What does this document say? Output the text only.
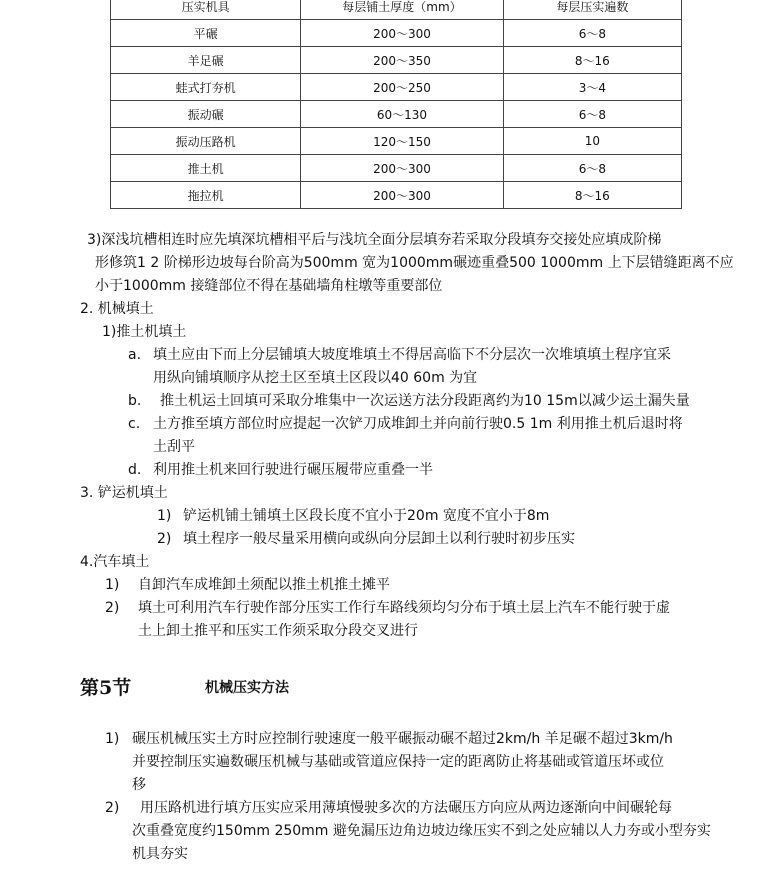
压实机具	每层铺土厚度（mm）	每层压实遍数
平碾	200～300	6～8
羊足碾	200～350	8～16
蛙式打夯机	200～250	3～4
振动碾	60～130	6～8
振动压路机	120～150	10
推土机	200～300	6～8
拖拉机	200～300	8～16
3)深浅坑槽相连时应先填深坑槽相平后与浅坑全面分层填夯若采取分段填夯交接处应填成阶梯
形修筑1 2 阶梯形边坡每台阶高为500mm 宽为1000mm碾迹重叠500 1000mm 上下层错缝距离不应
小于1000mm 接缝部位不得在基础墙角柱墩等重要部位
2. 机械填土
1)推土机填土
a. 填土应由下而上分层铺填大坡度堆填土不得居高临下不分层次一次堆填填土程序宜采
用纵向铺填顺序从挖土区至填土区段以40 60m 为宜
b. 推土机运土回填可采取分堆集中一次运送方法分段距离约为10 15m以减少运土漏失量
c. 土方推至填方部位时应提起一次铲刀成堆卸土并向前行驶0.5 1m 利用推土机后退时将
土刮平
d. 利用推土机来回行驶进行碾压履带应重叠一半
3. 铲运机填土
1) 铲运机铺土铺填土区段长度不宜小于20m 宽度不宜小于8m
2) 填土程序一般尽量采用横向或纵向分层卸土以利行驶时初步压实
4.汽车填土
1) 自卸汽车成堆卸土须配以推土机推土摊平
2) 填土可利用汽车行驶作部分压实工作行车路线须均匀分布于填土层上汽车不能行驶于虚
土上卸土推平和压实工作须采取分段交叉进行
第5节	机械压实方法
1) 碾压机械压实土方时应控制行驶速度一般平碾振动碾不超过2km/h 羊足碾不超过3km/h
并要控制压实遍数碾压机械与基础或管道应保持一定的距离防止将基础或管道压坏或位
移
2) 用压路机进行填方压实应采用薄填慢驶多次的方法碾压方向应从两边逐渐向中间碾轮每
次重叠宽度约150mm 250mm 避免漏压边角边坡边缘压实不到之处应辅以人力夯或小型夯实
机具夯实
